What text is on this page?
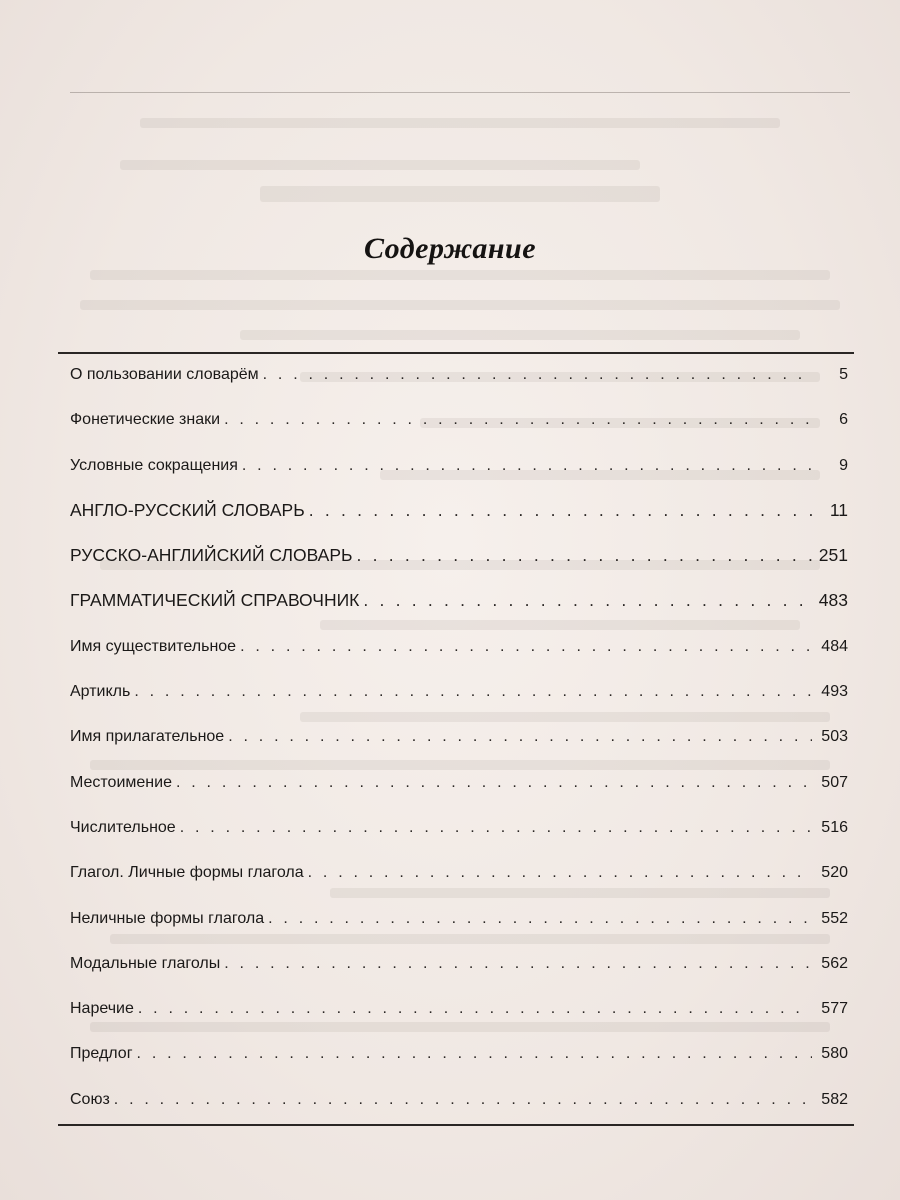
Содержание
О пользовании словарём . . .	5
Фонетические знаки . . .	6
Условные сокращения . . .	9
АНГЛО-РУССКИЙ СЛОВАРЬ . . .	11
РУССКО-АНГЛИЙСКИЙ СЛОВАРЬ . . .	251
ГРАММАТИЧЕСКИЙ СПРАВОЧНИК . . .	483
Имя существительное . . .	484
Артикль . . .	493
Имя прилагательное . . .	503
Местоимение . . .	507
Числительное . . .	516
Глагол. Личные формы глагола . . .	520
Неличные формы глагола . . .	552
Модальные глаголы . . .	562
Наречие . . .	577
Предлог . . .	580
Союз . . .	582
